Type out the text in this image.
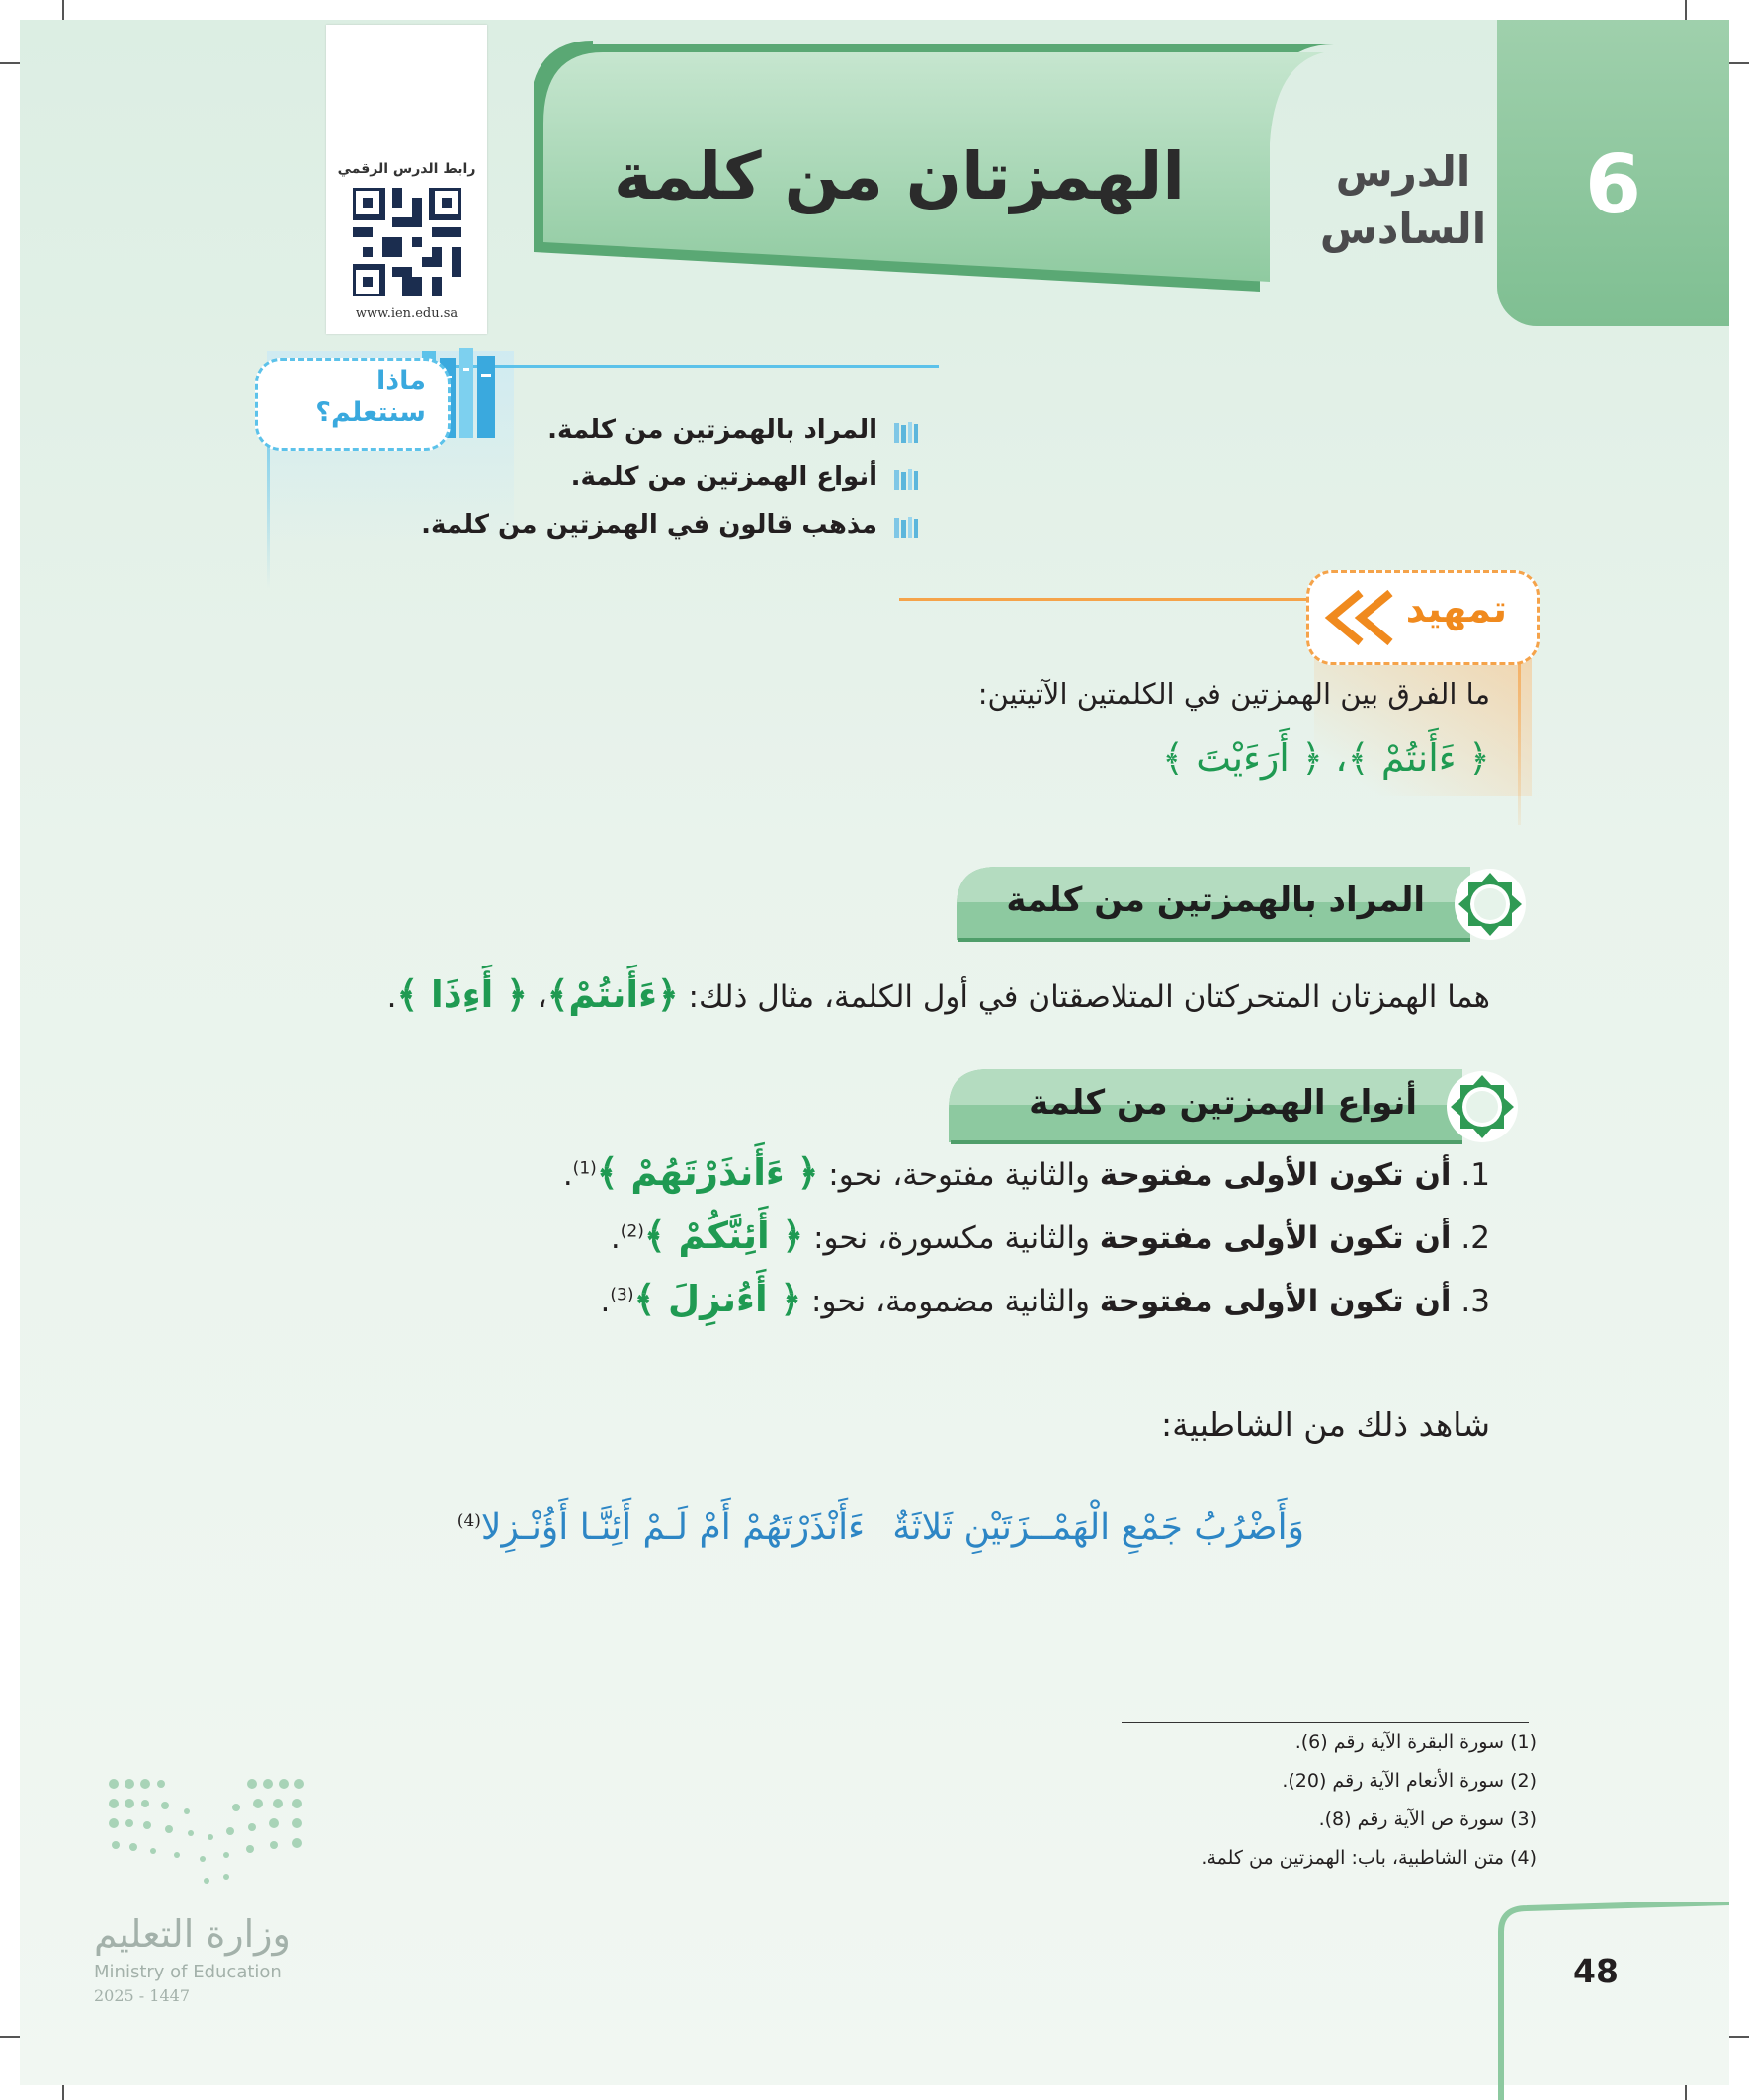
6
الدرس
السادس
الهمزتان من كلمة
رابط الدرس الرقمي
www.ien.edu.sa
ماذا
سنتعلم؟
المراد بالهمزتين من كلمة.
أنواع الهمزتين من كلمة.
مذهب قالون في الهمزتين من كلمة.
تمهيد
ما الفرق بين الهمزتين في الكلمتين الآتيتين:
﴿ ءَأَنتُمْ ﴾، ﴿ أَرَءَيْتَ ﴾
المراد بالهمزتين من كلمة
هما الهمزتان المتحركتان المتلاصقتان في أول الكلمة، مثال ذلك: ﴿ءَأَنتُمْ﴾، ﴿ أَءِذَا ﴾.
أنواع الهمزتين من كلمة
1. أن تكون الأولى مفتوحة والثانية مفتوحة، نحو: ﴿ ءَأَنذَرْتَهُمْ ﴾$^{(1)}$.
2. أن تكون الأولى مفتوحة والثانية مكسورة، نحو: ﴿ أَئِنَّكُمْ ﴾$^{(2)}$.
3. أن تكون الأولى مفتوحة والثانية مضمومة، نحو: ﴿ أَءُنزِلَ ﴾$^{(3)}$.
شاهد ذلك من الشاطبية:
وَأَضْرُبُ جَمْعِ الْهَمْــزَتَيْنِ ثَلاثَةٌ
ءَأَنْذَرْتَهُمْ أَمْ لَـمْ أَئِنَّـا أَؤُنْـزِلا$^{(4)}$
(1) سورة البقرة الآية رقم (6).
(2) سورة الأنعام الآية رقم (20).
(3) سورة ص الآية رقم (8).
(4) متن الشاطبية، باب: الهمزتين من كلمة.
وزارة التعليم
Ministry of Education
2025 - 1447
48
